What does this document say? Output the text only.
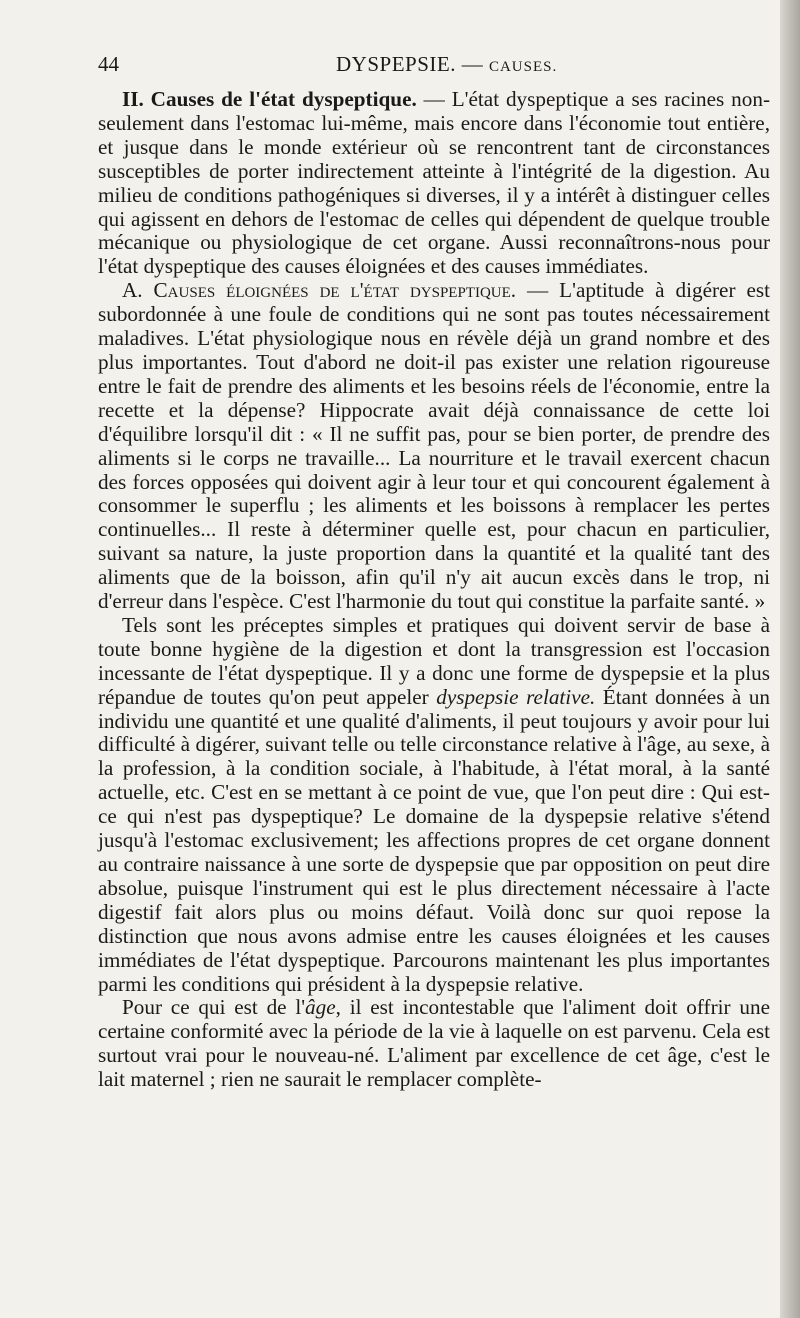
44	DYSPEPSIE. — CAUSES.

II. Causes de l'état dyspeptique. — L'état dyspeptique a ses racines non-seulement dans l'estomac lui-même, mais encore dans l'économie tout entière, et jusque dans le monde extérieur où se rencontrent tant de circonstances susceptibles de porter indirectement atteinte à l'intégrité de la digestion. Au milieu de conditions pathogéniques si diverses, il y a intérêt à distinguer celles qui agissent en dehors de l'estomac de celles qui dépendent de quelque trouble mécanique ou physiologique de cet organe. Aussi reconnaîtrons-nous pour l'état dyspeptique des causes éloignées et des causes immédiates.

A. Causes éloignées de l'état dyspeptique. — L'aptitude à digérer est subordonnée à une foule de conditions qui ne sont pas toutes nécessairement maladives. L'état physiologique nous en révèle déjà un grand nombre et des plus importantes. Tout d'abord ne doit-il pas exister une relation rigoureuse entre le fait de prendre des aliments et les besoins réels de l'économie, entre la recette et la dépense? Hippocrate avait déjà connaissance de cette loi d'équilibre lorsqu'il dit : « Il ne suffit pas, pour se bien porter, de prendre des aliments si le corps ne travaille... La nourriture et le travail exercent chacun des forces opposées qui doivent agir à leur tour et qui concourent également à consommer le superflu ; les aliments et les boissons à remplacer les pertes continuelles... Il reste à déterminer quelle est, pour chacun en particulier, suivant sa nature, la juste proportion dans la quantité et la qualité tant des aliments que de la boisson, afin qu'il n'y ait aucun excès dans le trop, ni d'erreur dans l'espèce. C'est l'harmonie du tout qui constitue la parfaite santé. »

Tels sont les préceptes simples et pratiques qui doivent servir de base à toute bonne hygiène de la digestion et dont la transgression est l'occasion incessante de l'état dyspeptique. Il y a donc une forme de dyspepsie et la plus répandue de toutes qu'on peut appeler dyspepsie relative. Étant données à un individu une quantité et une qualité d'aliments, il peut toujours y avoir pour lui difficulté à digérer, suivant telle ou telle circonstance relative à l'âge, au sexe, à la profession, à la condition sociale, à l'habitude, à l'état moral, à la santé actuelle, etc. C'est en se mettant à ce point de vue, que l'on peut dire : Qui est-ce qui n'est pas dyspeptique? Le domaine de la dyspepsie relative s'étend jusqu'à l'estomac exclusivement; les affections propres de cet organe donnent au contraire naissance à une sorte de dyspepsie que par opposition on peut dire absolue, puisque l'instrument qui est le plus directement nécessaire à l'acte digestif fait alors plus ou moins défaut. Voilà donc sur quoi repose la distinction que nous avons admise entre les causes éloignées et les causes immédiates de l'état dyspeptique. Parcourons maintenant les plus importantes parmi les conditions qui président à la dyspepsie relative.

Pour ce qui est de l'âge, il est incontestable que l'aliment doit offrir une certaine conformité avec la période de la vie à laquelle on est parvenu. Cela est surtout vrai pour le nouveau-né. L'aliment par excellence de cet âge, c'est le lait maternel ; rien ne saurait le remplacer complète-
